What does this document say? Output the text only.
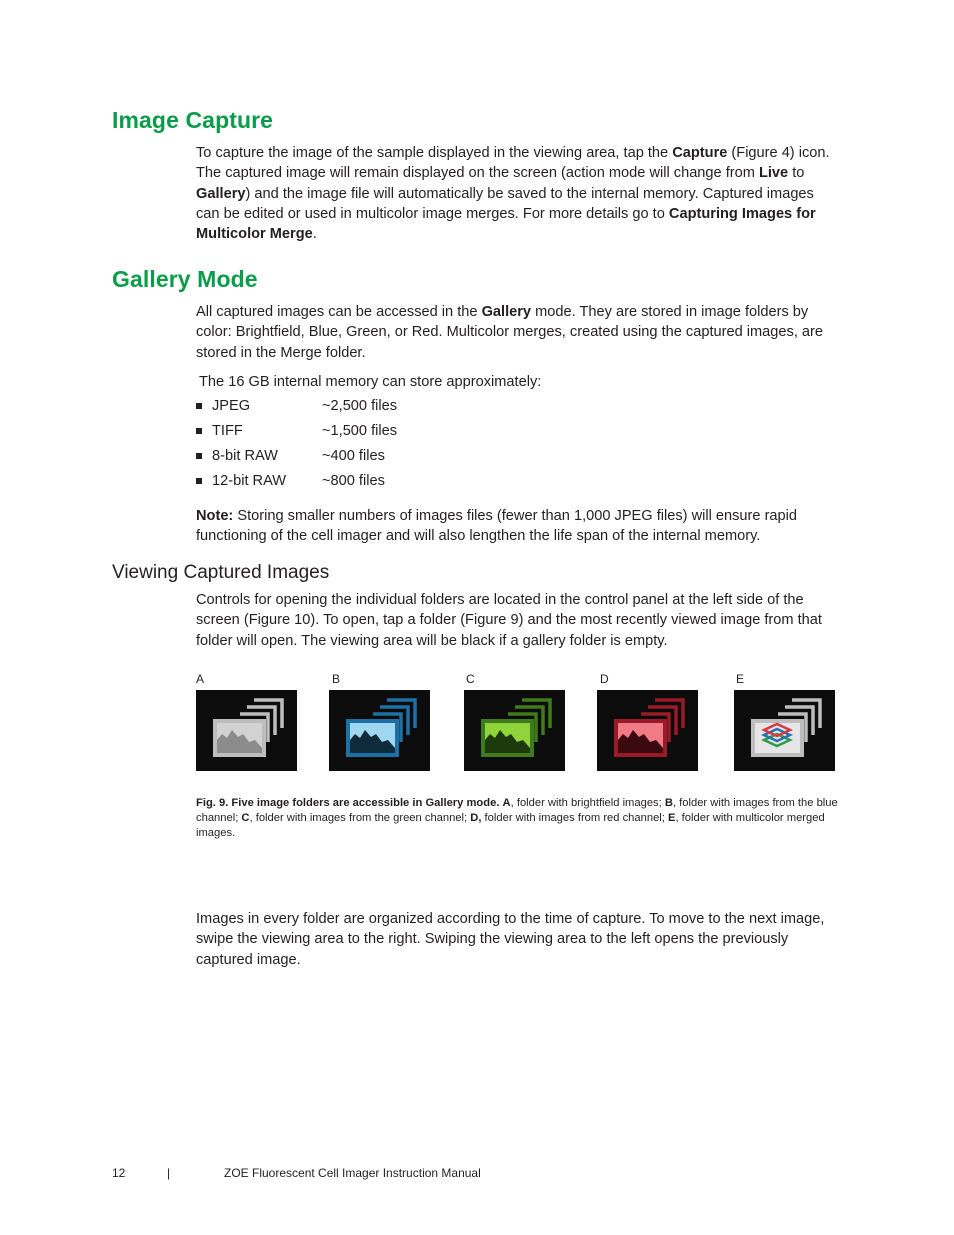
Image Capture

To capture the image of the sample displayed in the viewing area, tap the Capture (Figure 4) icon. The captured image will remain displayed on the screen (action mode will change from Live to Gallery) and the image file will automatically be saved to the internal memory. Captured images can be edited or used in multicolor image merges. For more details go to Capturing Images for Multicolor Merge.

Gallery Mode

All captured images can be accessed in the Gallery mode. They are stored in image folders by color: Brightfield, Blue, Green, or Red. Multicolor merges, created using the captured images, are stored in the Merge folder.

The 16 GB internal memory can store approximately:

JPEG	~2,500 files
TIFF	~1,500 files
8-bit RAW	~400 files
12-bit RAW ~800 files

Note: Storing smaller numbers of images files (fewer than 1,000 JPEG files) will ensure rapid functioning of the cell imager and will also lengthen the life span of the internal memory.

Viewing Captured Images

Controls for opening the individual folders are located in the control panel at the left side of the screen (Figure 10). To open, tap a folder (Figure 9) and the most recently viewed image from that folder will open. The viewing area will be black if a gallery folder is empty.

A	B	C	D	E

Fig. 9. Five image folders are accessible in Gallery mode. A, folder with brightfield images; B, folder with images from the blue channel; C, folder with images from the green channel; D, folder with images from red channel; E, folder with multicolor merged images.

Images in every folder are organized according to the time of capture. To move to the next image, swipe the viewing area to the right. Swiping the viewing area to the left opens the previously captured image.

12	|	ZOE Fluorescent Cell Imager Instruction Manual
